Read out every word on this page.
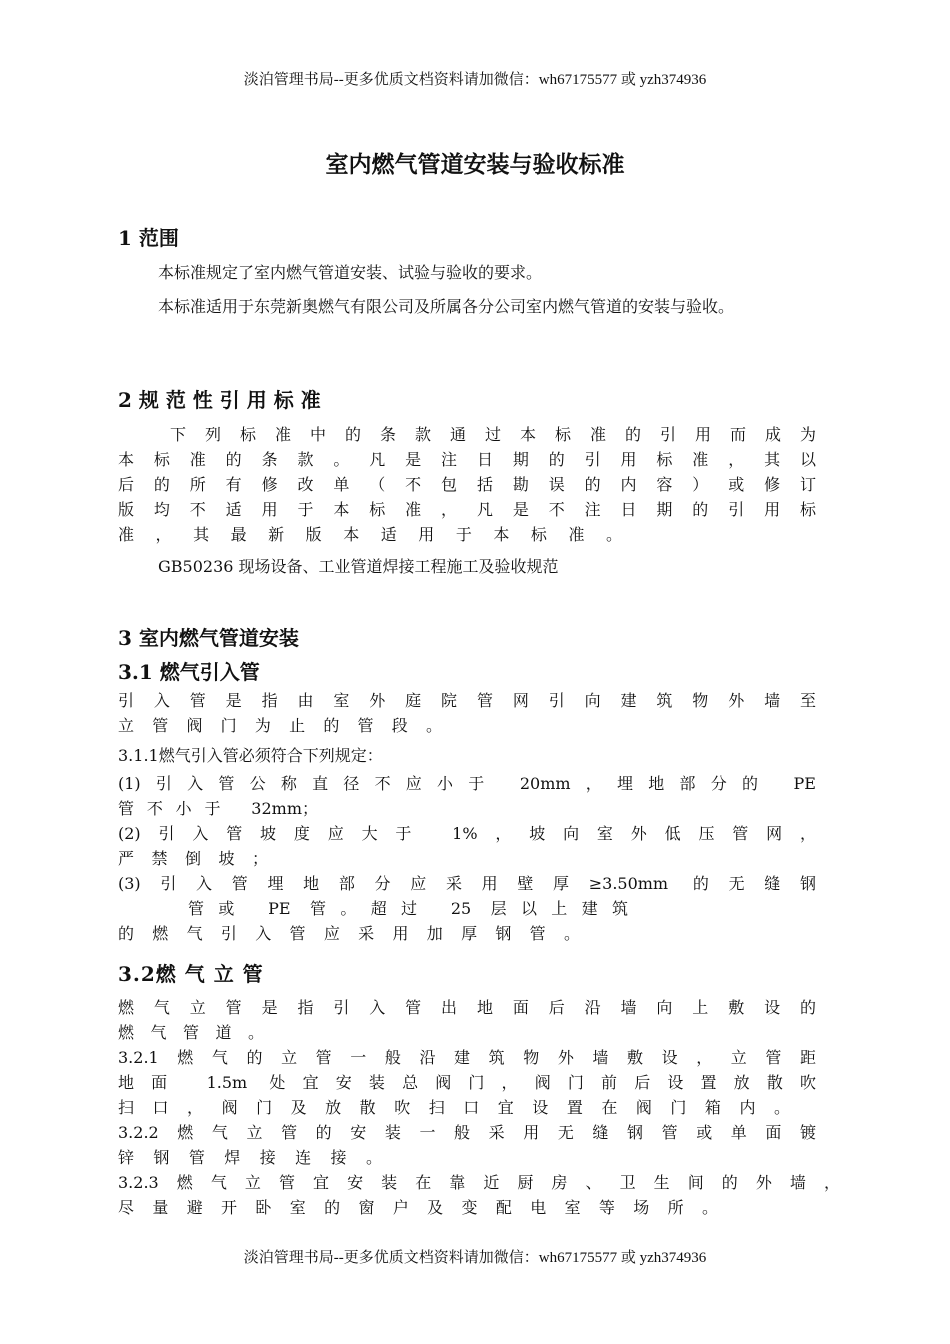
淡泊管理书局--更多优质文档资料请加微信：wh67175577 或 yzh374936
室内燃气管道安装与验收标准
1 范围
本标准规定了室内燃气管道安装、试验与验收的要求。
本标准适用于东莞新奥燃气有限公司及所属各分公司室内燃气管道的安装与验收。
2 规 范 性 引 用 标 准
下列标准中的条款通过本标准的引用而成为
本标准的条款。凡是注日期的引用标准，其以
后的所有修改单（不包括勘误的内容）或修订
版均不适用于本标准，凡是不注日期的引用标
准，其最新版本适用于本标准。
GB50236 现场设备、工业管道焊接工程施工及验收规范
3 室内燃气管道安装
3.1 燃气引入管
引入管是指由室外庭院管网引向建筑物外墙至
立管阀门为止的管段。
3.1.1燃气引入管必须符合下列规定：
(1)引入管公称直径不应小于 20mm，埋地部分的 PE
管不小于 32mm；
(2)引入管坡度应大于 1%，坡向室外低压管网，
严禁倒坡；
(3)引入管埋地部分应采用壁厚≥3.50mm 的无缝钢
管或 PE 管。超过 25 层以上建筑
的燃气引入管应采用加厚钢管。
3.2燃 气 立 管
燃气立管是指引入管出地面后沿墙向上敷设的
燃气管道。
3.2.1燃气的立管一般沿建筑物外墙敷设，立管距
地面 1.5m 处宜安装总阀门，阀门前后设置放散吹
扫口，阀门及放散吹扫口宜设置在阀门箱内。
3.2.2燃气立管的安装一般采用无缝钢管或单面镀
锌钢管焊接连接。
3.2.3燃气立管宜安装在靠近厨房、卫生间的外墙，
尽量避开卧室的窗户及变配电室等场所。
淡泊管理书局--更多优质文档资料请加微信：wh67175577 或 yzh374936
